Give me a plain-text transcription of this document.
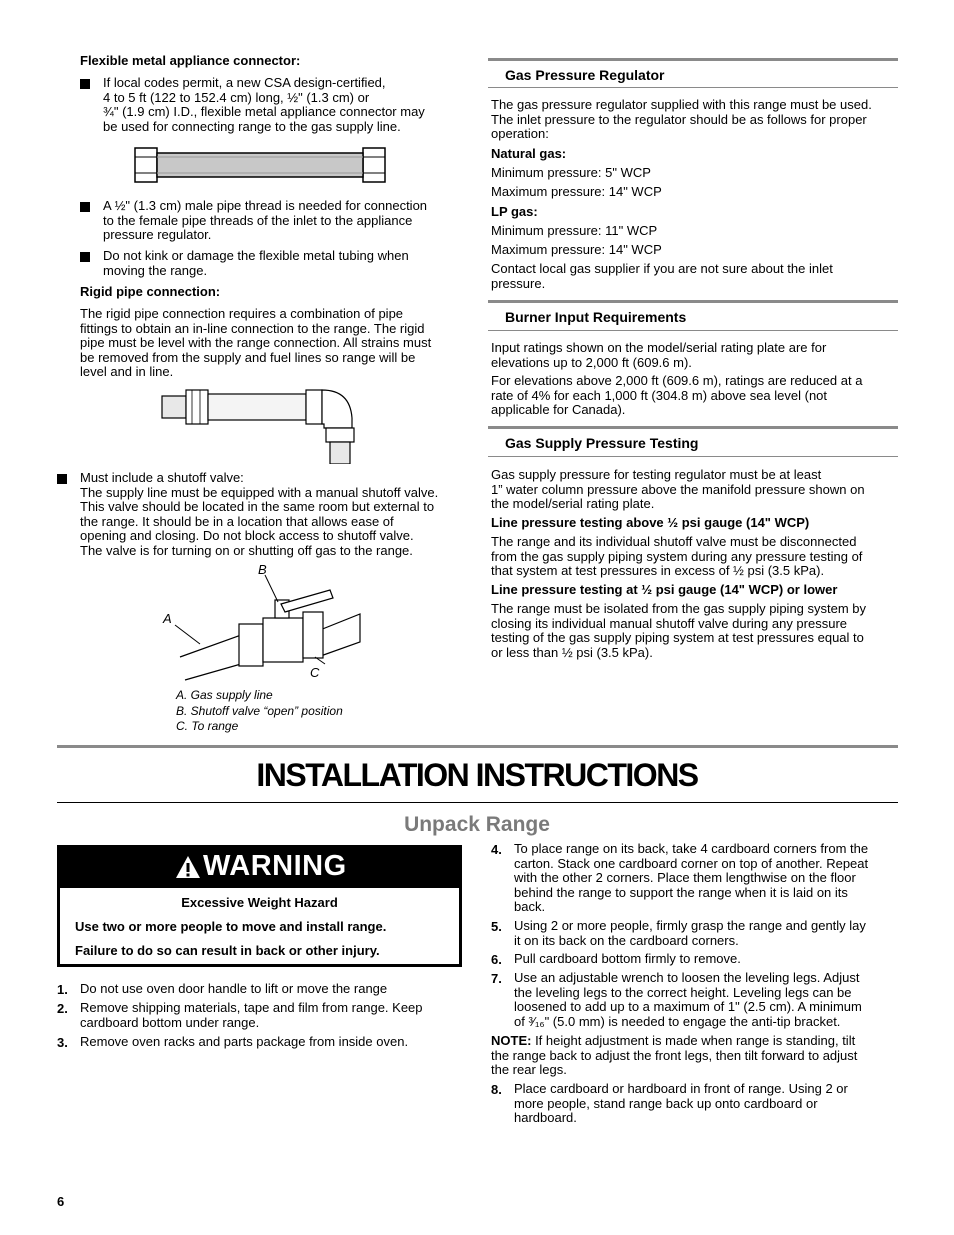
Flexible metal appliance connector:
If local codes permit, a new CSA design-certified,
4 to 5 ft (122 to 152.4 cm) long, ½" (1.3 cm) or
¾" (1.9 cm) I.D., flexible metal appliance connector may
be used for connecting range to the gas supply line.
A ½" (1.3 cm) male pipe thread is needed for connection
to the female pipe threads of the inlet to the appliance
pressure regulator.
Do not kink or damage the flexible metal tubing when
moving the range.
Rigid pipe connection:
The rigid pipe connection requires a combination of pipe
fittings to obtain an in-line connection to the range. The rigid
pipe must be level with the range connection. All strains must
be removed from the supply and fuel lines so range will be
level and in line.
Must include a shutoff valve:
The supply line must be equipped with a manual shutoff valve.
This valve should be located in the same room but external to
the range. It should be in a location that allows ease of
opening and closing. Do not block access to shutoff valve.
The valve is for turning on or shutting off gas to the range.
B
A
C
A. Gas supply line
B. Shutoff valve “open” position
C. To range
Gas Pressure Regulator
The gas pressure regulator supplied with this range must be used.
The inlet pressure to the regulator should be as follows for proper
operation:
Natural gas:
Minimum pressure: 5" WCP
Maximum pressure: 14" WCP
LP gas:
Minimum pressure: 11" WCP
Maximum pressure: 14" WCP
Contact local gas supplier if you are not sure about the inlet
pressure.
Burner Input Requirements
Input ratings shown on the model/serial rating plate are for
elevations up to 2,000 ft (609.6 m).
For elevations above 2,000 ft (609.6 m), ratings are reduced at a
rate of 4% for each 1,000 ft (304.8 m) above sea level (not
applicable for Canada).
Gas Supply Pressure Testing
Gas supply pressure for testing regulator must be at least
1” water column pressure above the manifold pressure shown on
the model/serial rating plate.
Line pressure testing above ½ psi gauge (14" WCP)
The range and its individual shutoff valve must be disconnected
from the gas supply piping system during any pressure testing of
that system at test pressures in excess of ½ psi (3.5 kPa).
Line pressure testing at ½ psi gauge (14" WCP) or lower
The range must be isolated from the gas supply piping system by
closing its individual manual shutoff valve during any pressure
testing of the gas supply piping system at test pressures equal to
or less than ½ psi (3.5 kPa).
INSTALLATION INSTRUCTIONS
Unpack Range
WARNING
Excessive Weight Hazard
Use two or more people to move and install range.
Failure to do so can result in back or other injury.
1. Do not use oven door handle to lift or move the range
2. Remove shipping materials, tape and film from range. Keep
cardboard bottom under range.
3. Remove oven racks and parts package from inside oven.
4. To place range on its back, take 4 cardboard corners from the
carton. Stack one cardboard corner on top of another. Repeat
with the other 2 corners. Place them lengthwise on the floor
behind the range to support the range when it is laid on its
back.
5. Using 2 or more people, firmly grasp the range and gently lay
it on its back on the cardboard corners.
6. Pull cardboard bottom firmly to remove.
7. Use an adjustable wrench to loosen the leveling legs. Adjust
the leveling legs to the correct height. Leveling legs can be
loosened to add up to a maximum of 1" (2.5 cm). A minimum
of ³⁄₁₆" (5.0 mm) is needed to engage the anti-tip bracket.
NOTE: If height adjustment is made when range is standing, tilt
the range back to adjust the front legs, then tilt forward to adjust
the rear legs.
8. Place cardboard or hardboard in front of range. Using 2 or
more people, stand range back up onto cardboard or
hardboard.
6
